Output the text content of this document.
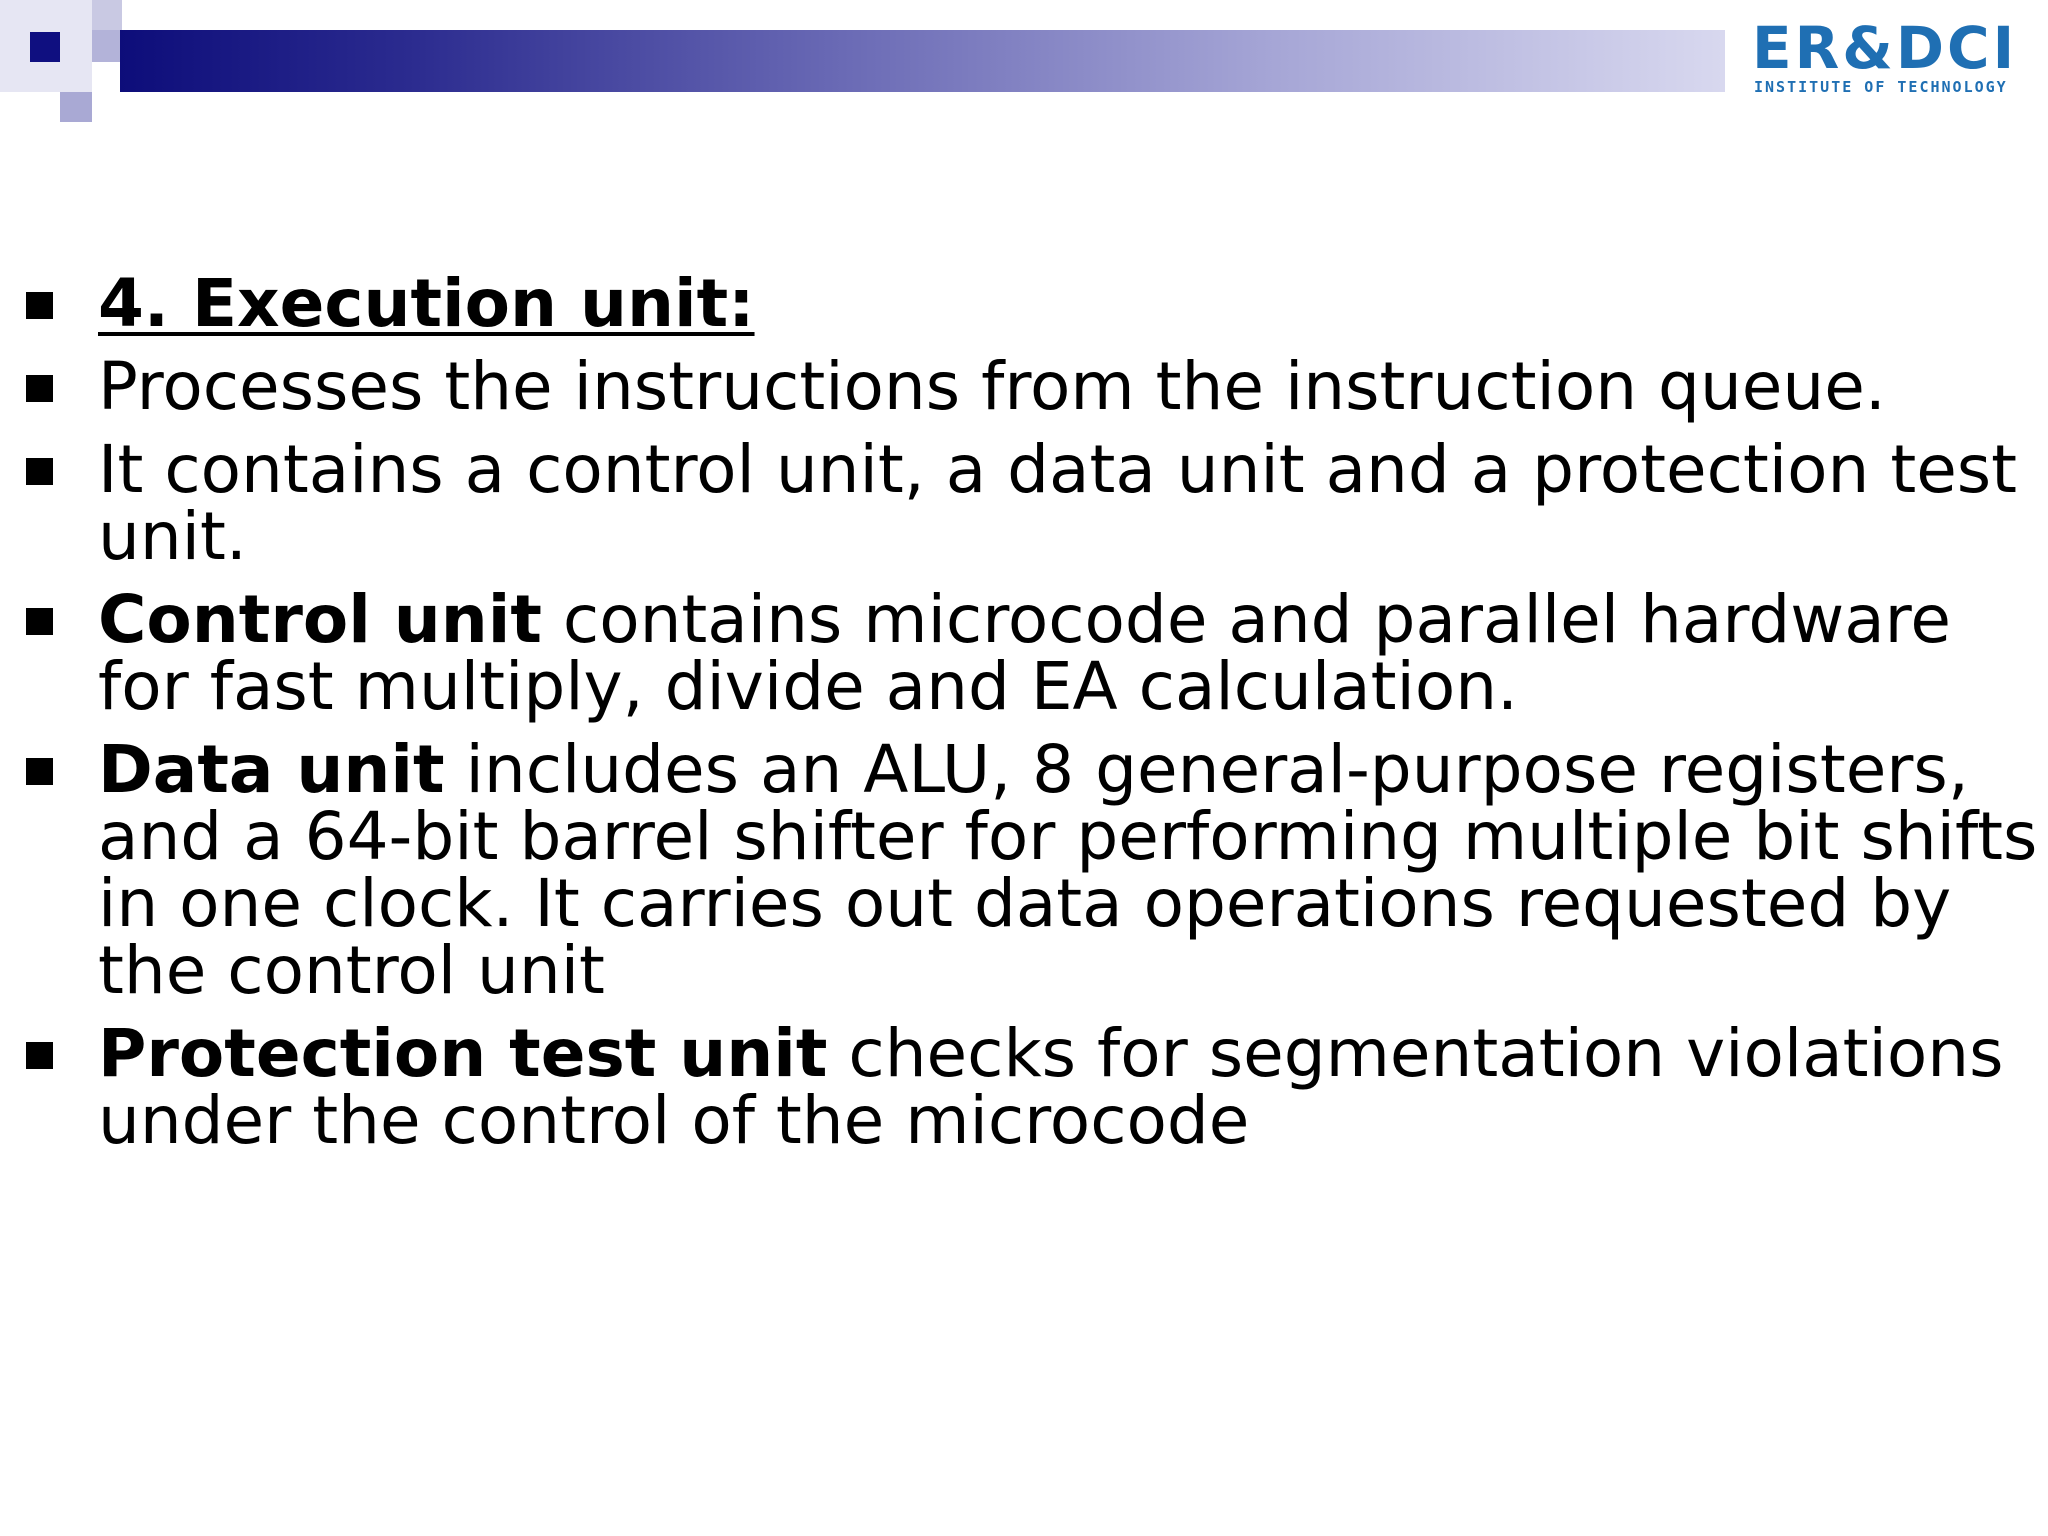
ER&DCI
INSTITUTE OF TECHNOLOGY
4. Execution unit:
Processes the instructions from the instruction queue.
It contains a control unit, a data unit and a protection test unit.
Control unit contains microcode and parallel hardware for fast multiply, divide and EA calculation.
Data unit includes an ALU, 8 general-purpose registers, and a 64-bit barrel shifter for performing multiple bit shifts in one clock. It carries out data operations requested by the control unit
Protection test unit checks for segmentation violations under the control of the microcode
